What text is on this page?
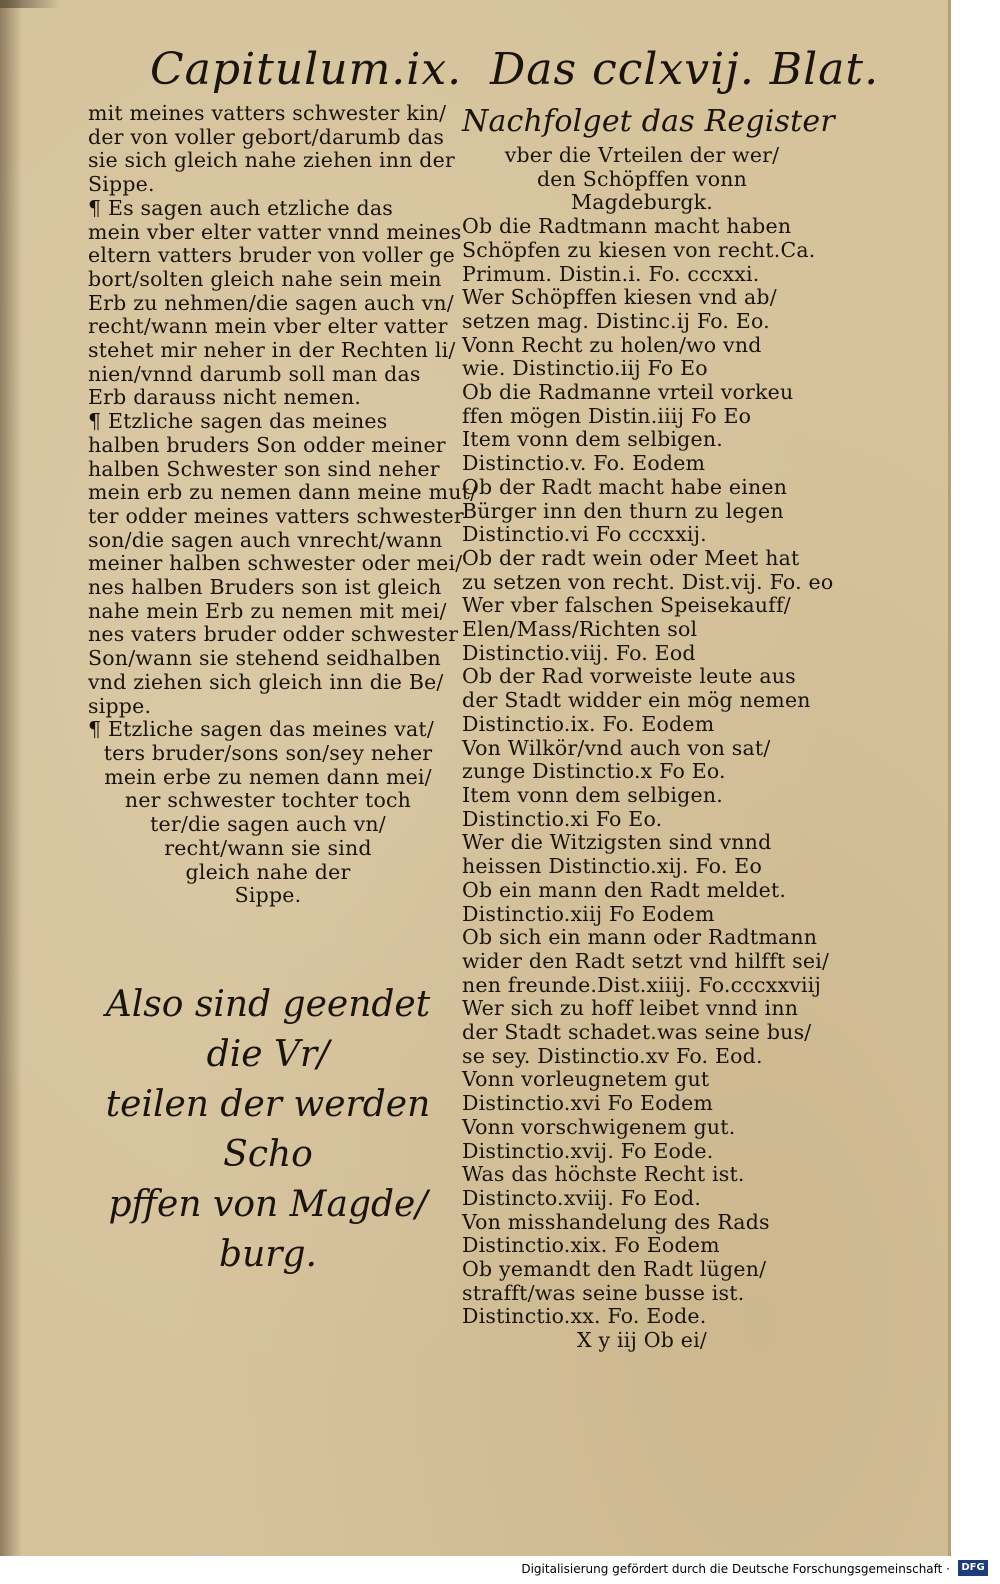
Capitulum.ix. Das cclxvij. Blat.

mit meines vatters schwester kin/

der von voller gebort/darumb das

sie sich gleich nahe ziehen inn der

Sippe.

¶ Es sagen auch etzliche das

mein vber elter vatter vnnd meines

eltern vatters bruder von voller ge

bort/solten gleich nahe sein mein

Erb zu nehmen/die sagen auch vn/

recht/wann mein vber elter vatter

stehet mir neher in der Rechten li/

nien/vnnd darumb soll man das

Erb darauss nicht nemen.

¶ Etzliche sagen das meines

halben bruders Son odder meiner

halben Schwester son sind neher

mein erb zu nemen dann meine mut/

ter odder meines vatters schwester

son/die sagen auch vnrecht/wann

meiner halben schwester oder mei/

nes halben Bruders son ist gleich

nahe mein Erb zu nemen mit mei/

nes vaters bruder odder schwester

Son/wann sie stehend seidhalben

vnd ziehen sich gleich inn die Be/

sippe.

¶ Etzliche sagen das meines vat/

ters bruder/sons son/sey neher

mein erbe zu nemen dann mei/

ner schwester tochter toch

ter/die sagen auch vn/

recht/wann sie sind

gleich nahe der

Sippe.

Also sind geendet die Vr/
teilen der werden Scho
pffen von Magde/
burg.
Nachfolget das Register

vber die Vrteilen der wer/

den Schöpffen vonn

Magdeburgk.

Ob die Radtmann macht haben

Schöpfen zu kiesen von recht.Ca.

Primum. Distin.i. Fo. cccxxi.

Wer Schöpffen kiesen vnd ab/

setzen mag. Distinc.ij Fo. Eo.

Vonn Recht zu holen/wo vnd

wie. Distinctio.iij Fo Eo

Ob die Radmanne vrteil vorkeu

ffen mögen Distin.iiij Fo Eo

Item vonn dem selbigen.

Distinctio.v. Fo. Eodem

Ob der Radt macht habe einen

Bürger inn den thurn zu legen

Distinctio.vi Fo cccxxij.

Ob der radt wein oder Meet hat

zu setzen von recht. Dist.vij. Fo. eo

Wer vber falschen Speisekauff/

Elen/Mass/Richten sol

Distinctio.viij. Fo. Eod

Ob der Rad vorweiste leute aus

der Stadt widder ein mög nemen

Distinctio.ix. Fo. Eodem

Von Wilkör/vnd auch von sat/

zunge Distinctio.x Fo Eo.

Item vonn dem selbigen.

Distinctio.xi Fo Eo.

Wer die Witzigsten sind vnnd

heissen Distinctio.xij. Fo. Eo

Ob ein mann den Radt meldet.

Distinctio.xiij Fo Eodem

Ob sich ein mann oder Radtmann

wider den Radt setzt vnd hilfft sei/

nen freunde.Dist.xiiij. Fo.cccxxviij

Wer sich zu hoff leibet vnnd inn

der Stadt schadet.was seine bus/

se sey. Distinctio.xv Fo. Eod.

Vonn vorleugnetem gut

Distinctio.xvi Fo Eodem

Vonn vorschwigenem gut.

Distinctio.xvij. Fo Eode.

Was das höchste Recht ist.

Distincto.xviij. Fo Eod.

Von misshandelung des Rads

Distinctio.xix. Fo Eodem

Ob yemandt den Radt lügen/

strafft/was seine busse ist.

Distinctio.xx. Fo. Eode.

X y iij Ob ei/

Digitalisierung gefördert durch die Deutsche Forschungsgemeinschaft ·	DFG
